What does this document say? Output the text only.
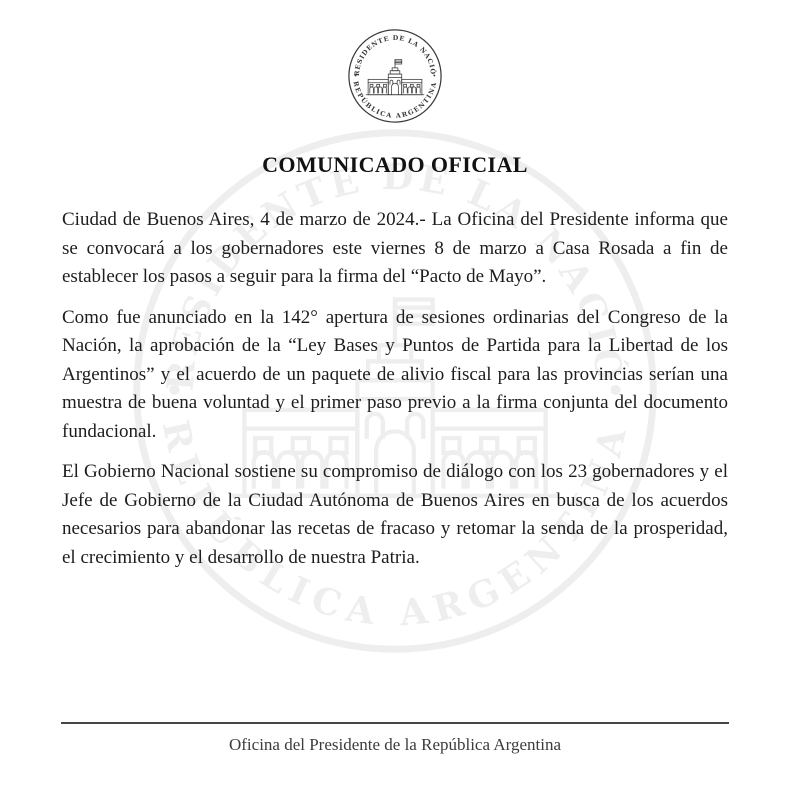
COMUNICADO OFICIAL

Ciudad de Buenos Aires, 4 de marzo de 2024.- La Oficina del Presidente informa que se convocará a los gobernadores este viernes 8 de marzo a Casa Rosada a fin de establecer los pasos a seguir para la firma del “Pacto de Mayo”.

Como fue anunciado en la 142° apertura de sesiones ordinarias del Congreso de la Nación, la aprobación de la “Ley Bases y Puntos de Partida para la Libertad de los Argentinos” y el acuerdo de un paquete de alivio fiscal para las provincias serían una muestra de buena voluntad y el primer paso previo a la firma conjunta del documento fundacional.

El Gobierno Nacional sostiene su compromiso de diálogo con los 23 gobernadores y el Jefe de Gobierno de la Ciudad Autónoma de Buenos Aires en busca de los acuerdos necesarios para abandonar las recetas de fracaso y retomar la senda de la prosperidad, el crecimiento y el desarrollo de nuestra Patria.

Oficina del Presidente de la República Argentina
